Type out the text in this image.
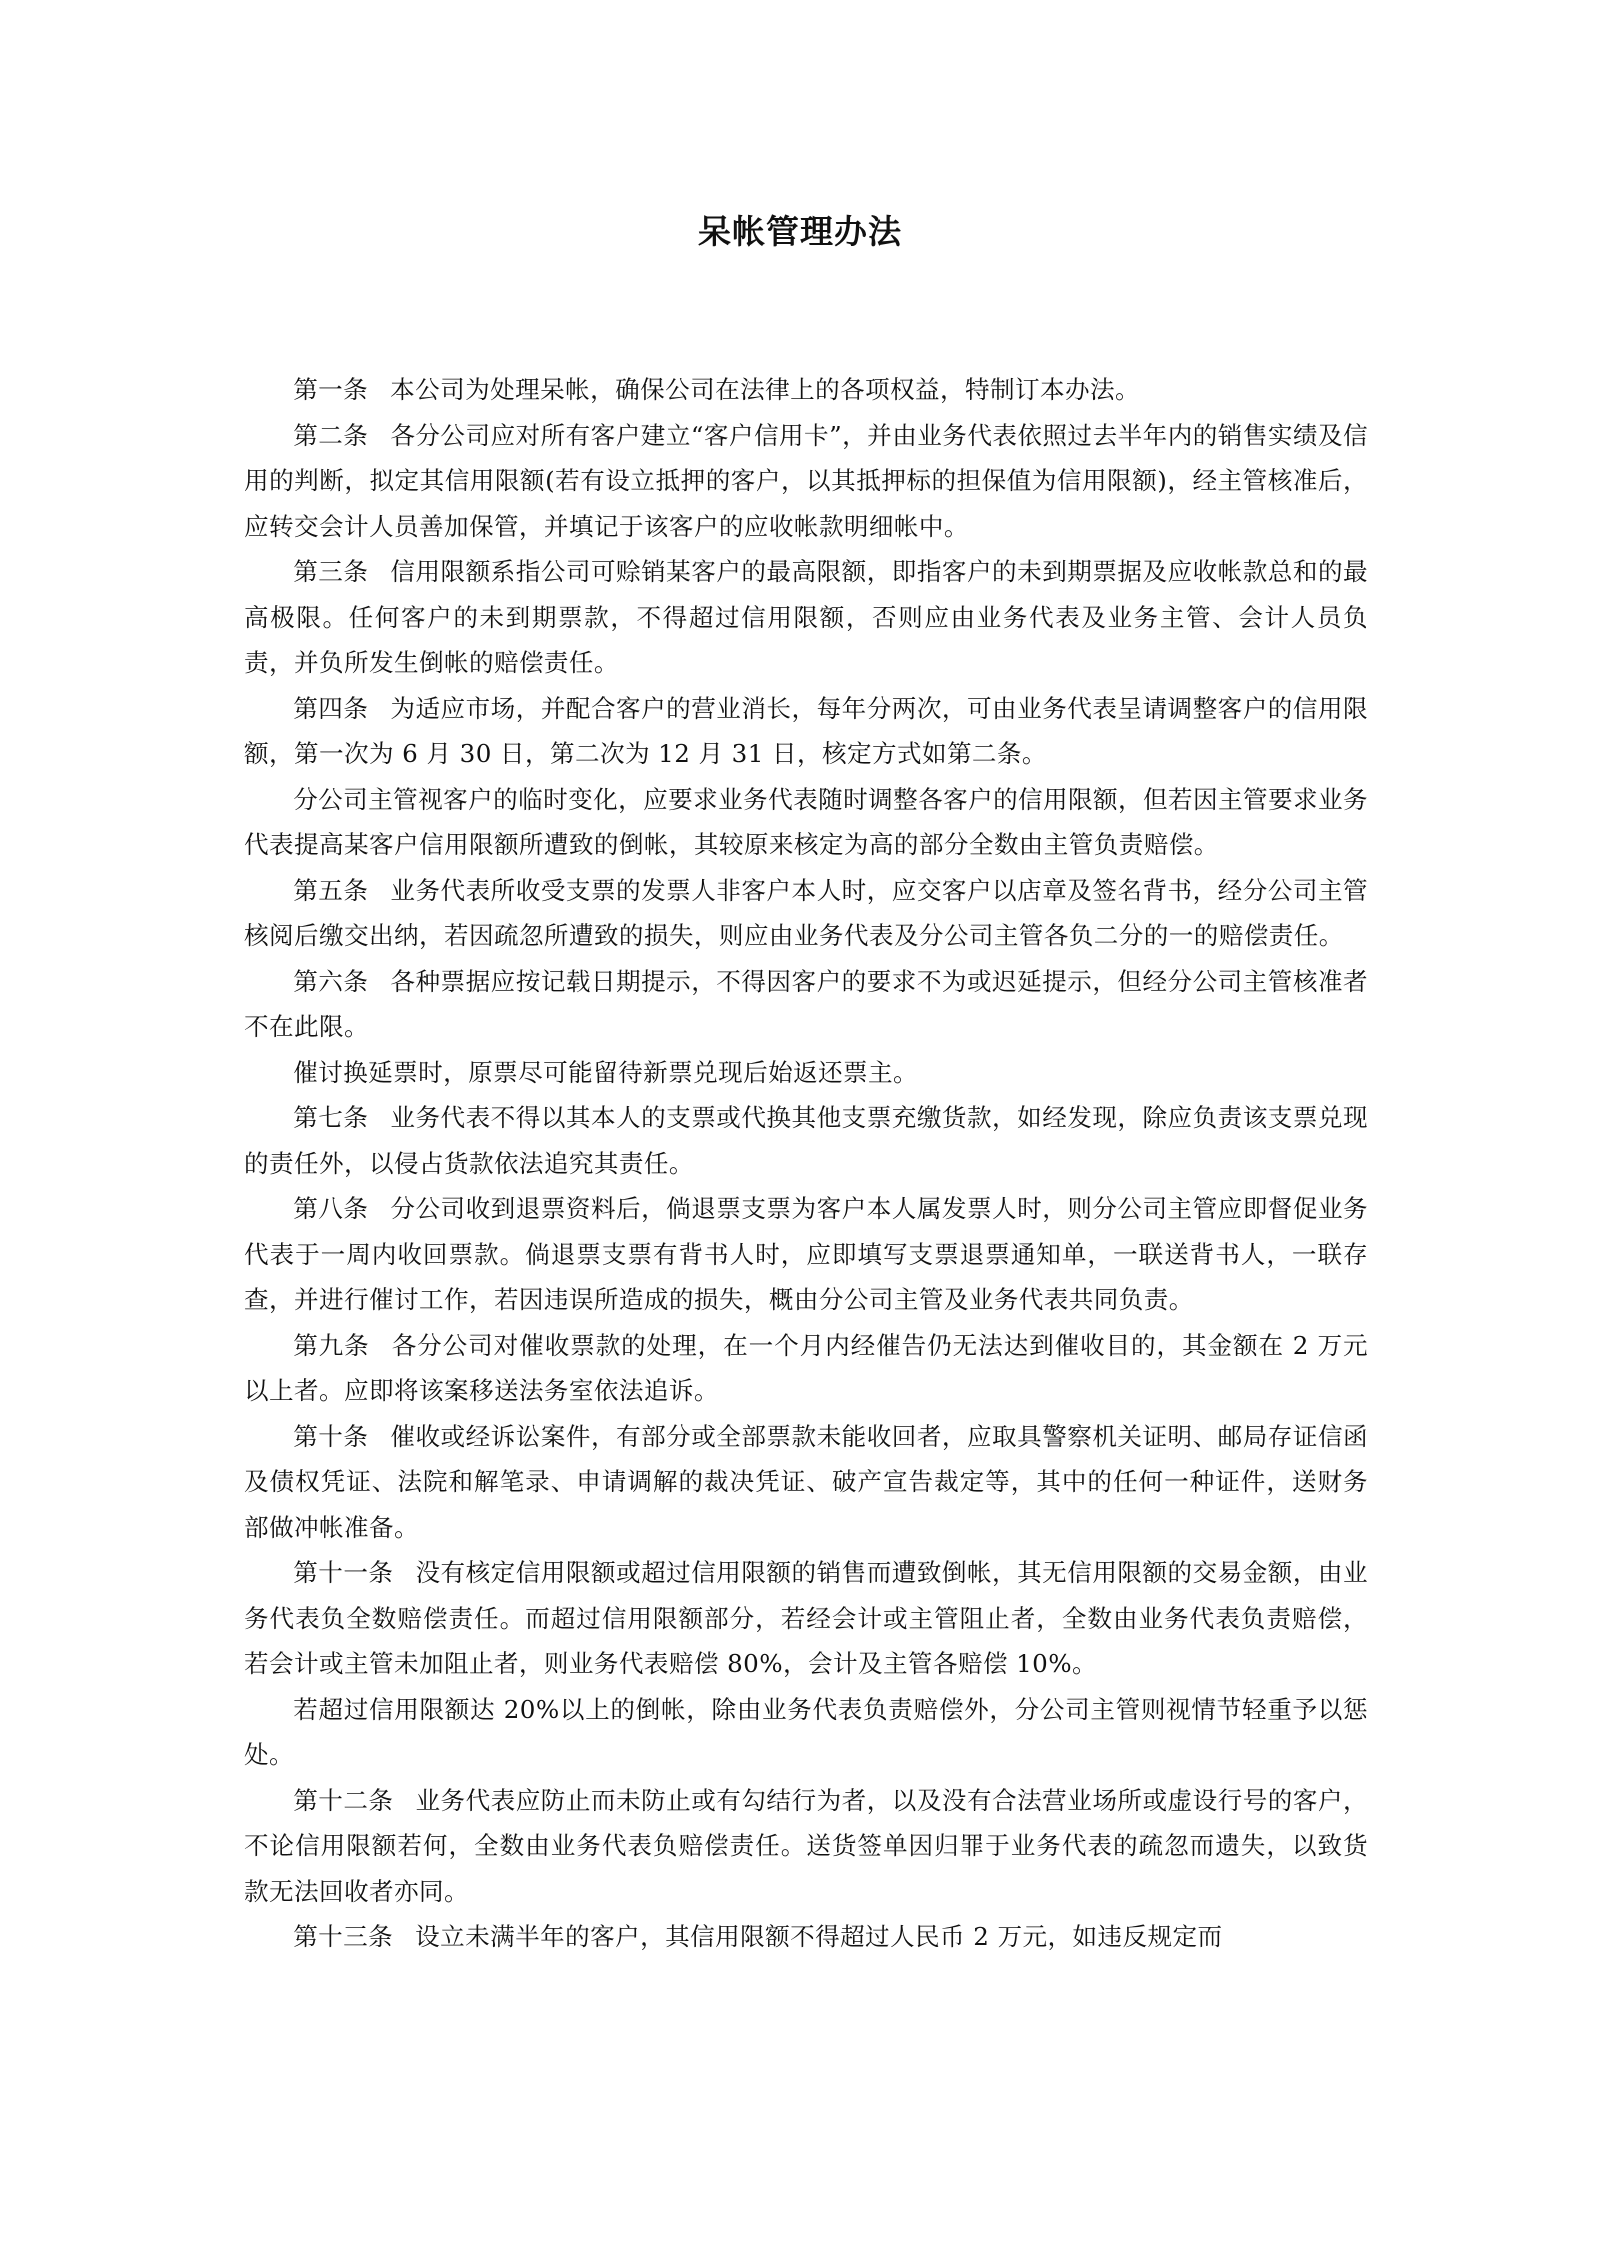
呆帐管理办法

第一条 本公司为处理呆帐，确保公司在法律上的各项权益，特制订本办法。

第二条 各分公司应对所有客户建立“客户信用卡”，并由业务代表依照过去半年内的销售实绩及信用的判断，拟定其信用限额(若有设立抵押的客户，以其抵押标的担保值为信用限额)，经主管核准后，应转交会计人员善加保管，并填记于该客户的应收帐款明细帐中。

第三条 信用限额系指公司可赊销某客户的最高限额，即指客户的未到期票据及应收帐款总和的最高极限。任何客户的未到期票款，不得超过信用限额，否则应由业务代表及业务主管、会计人员负责，并负所发生倒帐的赔偿责任。

第四条 为适应市场，并配合客户的营业消长，每年分两次，可由业务代表呈请调整客户的信用限额，第一次为 6 月 30 日，第二次为 12 月 31 日，核定方式如第二条。

分公司主管视客户的临时变化，应要求业务代表随时调整各客户的信用限额，但若因主管要求业务代表提高某客户信用限额所遭致的倒帐，其较原来核定为高的部分全数由主管负责赔偿。

第五条 业务代表所收受支票的发票人非客户本人时，应交客户以店章及签名背书，经分公司主管核阅后缴交出纳，若因疏忽所遭致的损失，则应由业务代表及分公司主管各负二分的一的赔偿责任。

第六条 各种票据应按记载日期提示，不得因客户的要求不为或迟延提示，但经分公司主管核准者不在此限。

催讨换延票时，原票尽可能留待新票兑现后始返还票主。

第七条 业务代表不得以其本人的支票或代换其他支票充缴货款，如经发现，除应负责该支票兑现的责任外，以侵占货款依法追究其责任。

第八条 分公司收到退票资料后，倘退票支票为客户本人属发票人时，则分公司主管应即督促业务代表于一周内收回票款。倘退票支票有背书人时，应即填写支票退票通知单，一联送背书人，一联存查，并进行催讨工作，若因违误所造成的损失，概由分公司主管及业务代表共同负责。

第九条 各分公司对催收票款的处理，在一个月内经催告仍无法达到催收目的，其金额在 2 万元以上者。应即将该案移送法务室依法追诉。

第十条 催收或经诉讼案件，有部分或全部票款未能收回者，应取具警察机关证明、邮局存证信函及债权凭证、法院和解笔录、申请调解的裁决凭证、破产宣告裁定等，其中的任何一种证件，送财务部做冲帐准备。

第十一条 没有核定信用限额或超过信用限额的销售而遭致倒帐，其无信用限额的交易金额，由业务代表负全数赔偿责任。而超过信用限额部分，若经会计或主管阻止者，全数由业务代表负责赔偿，若会计或主管未加阻止者，则业务代表赔偿 80%，会计及主管各赔偿 10%。

若超过信用限额达 20%以上的倒帐，除由业务代表负责赔偿外，分公司主管则视情节轻重予以惩处。

第十二条 业务代表应防止而未防止或有勾结行为者，以及没有合法营业场所或虚设行号的客户，不论信用限额若何，全数由业务代表负赔偿责任。送货签单因归罪于业务代表的疏忽而遗失，以致货款无法回收者亦同。

第十三条 设立未满半年的客户，其信用限额不得超过人民币 2 万元，如违反规定而
